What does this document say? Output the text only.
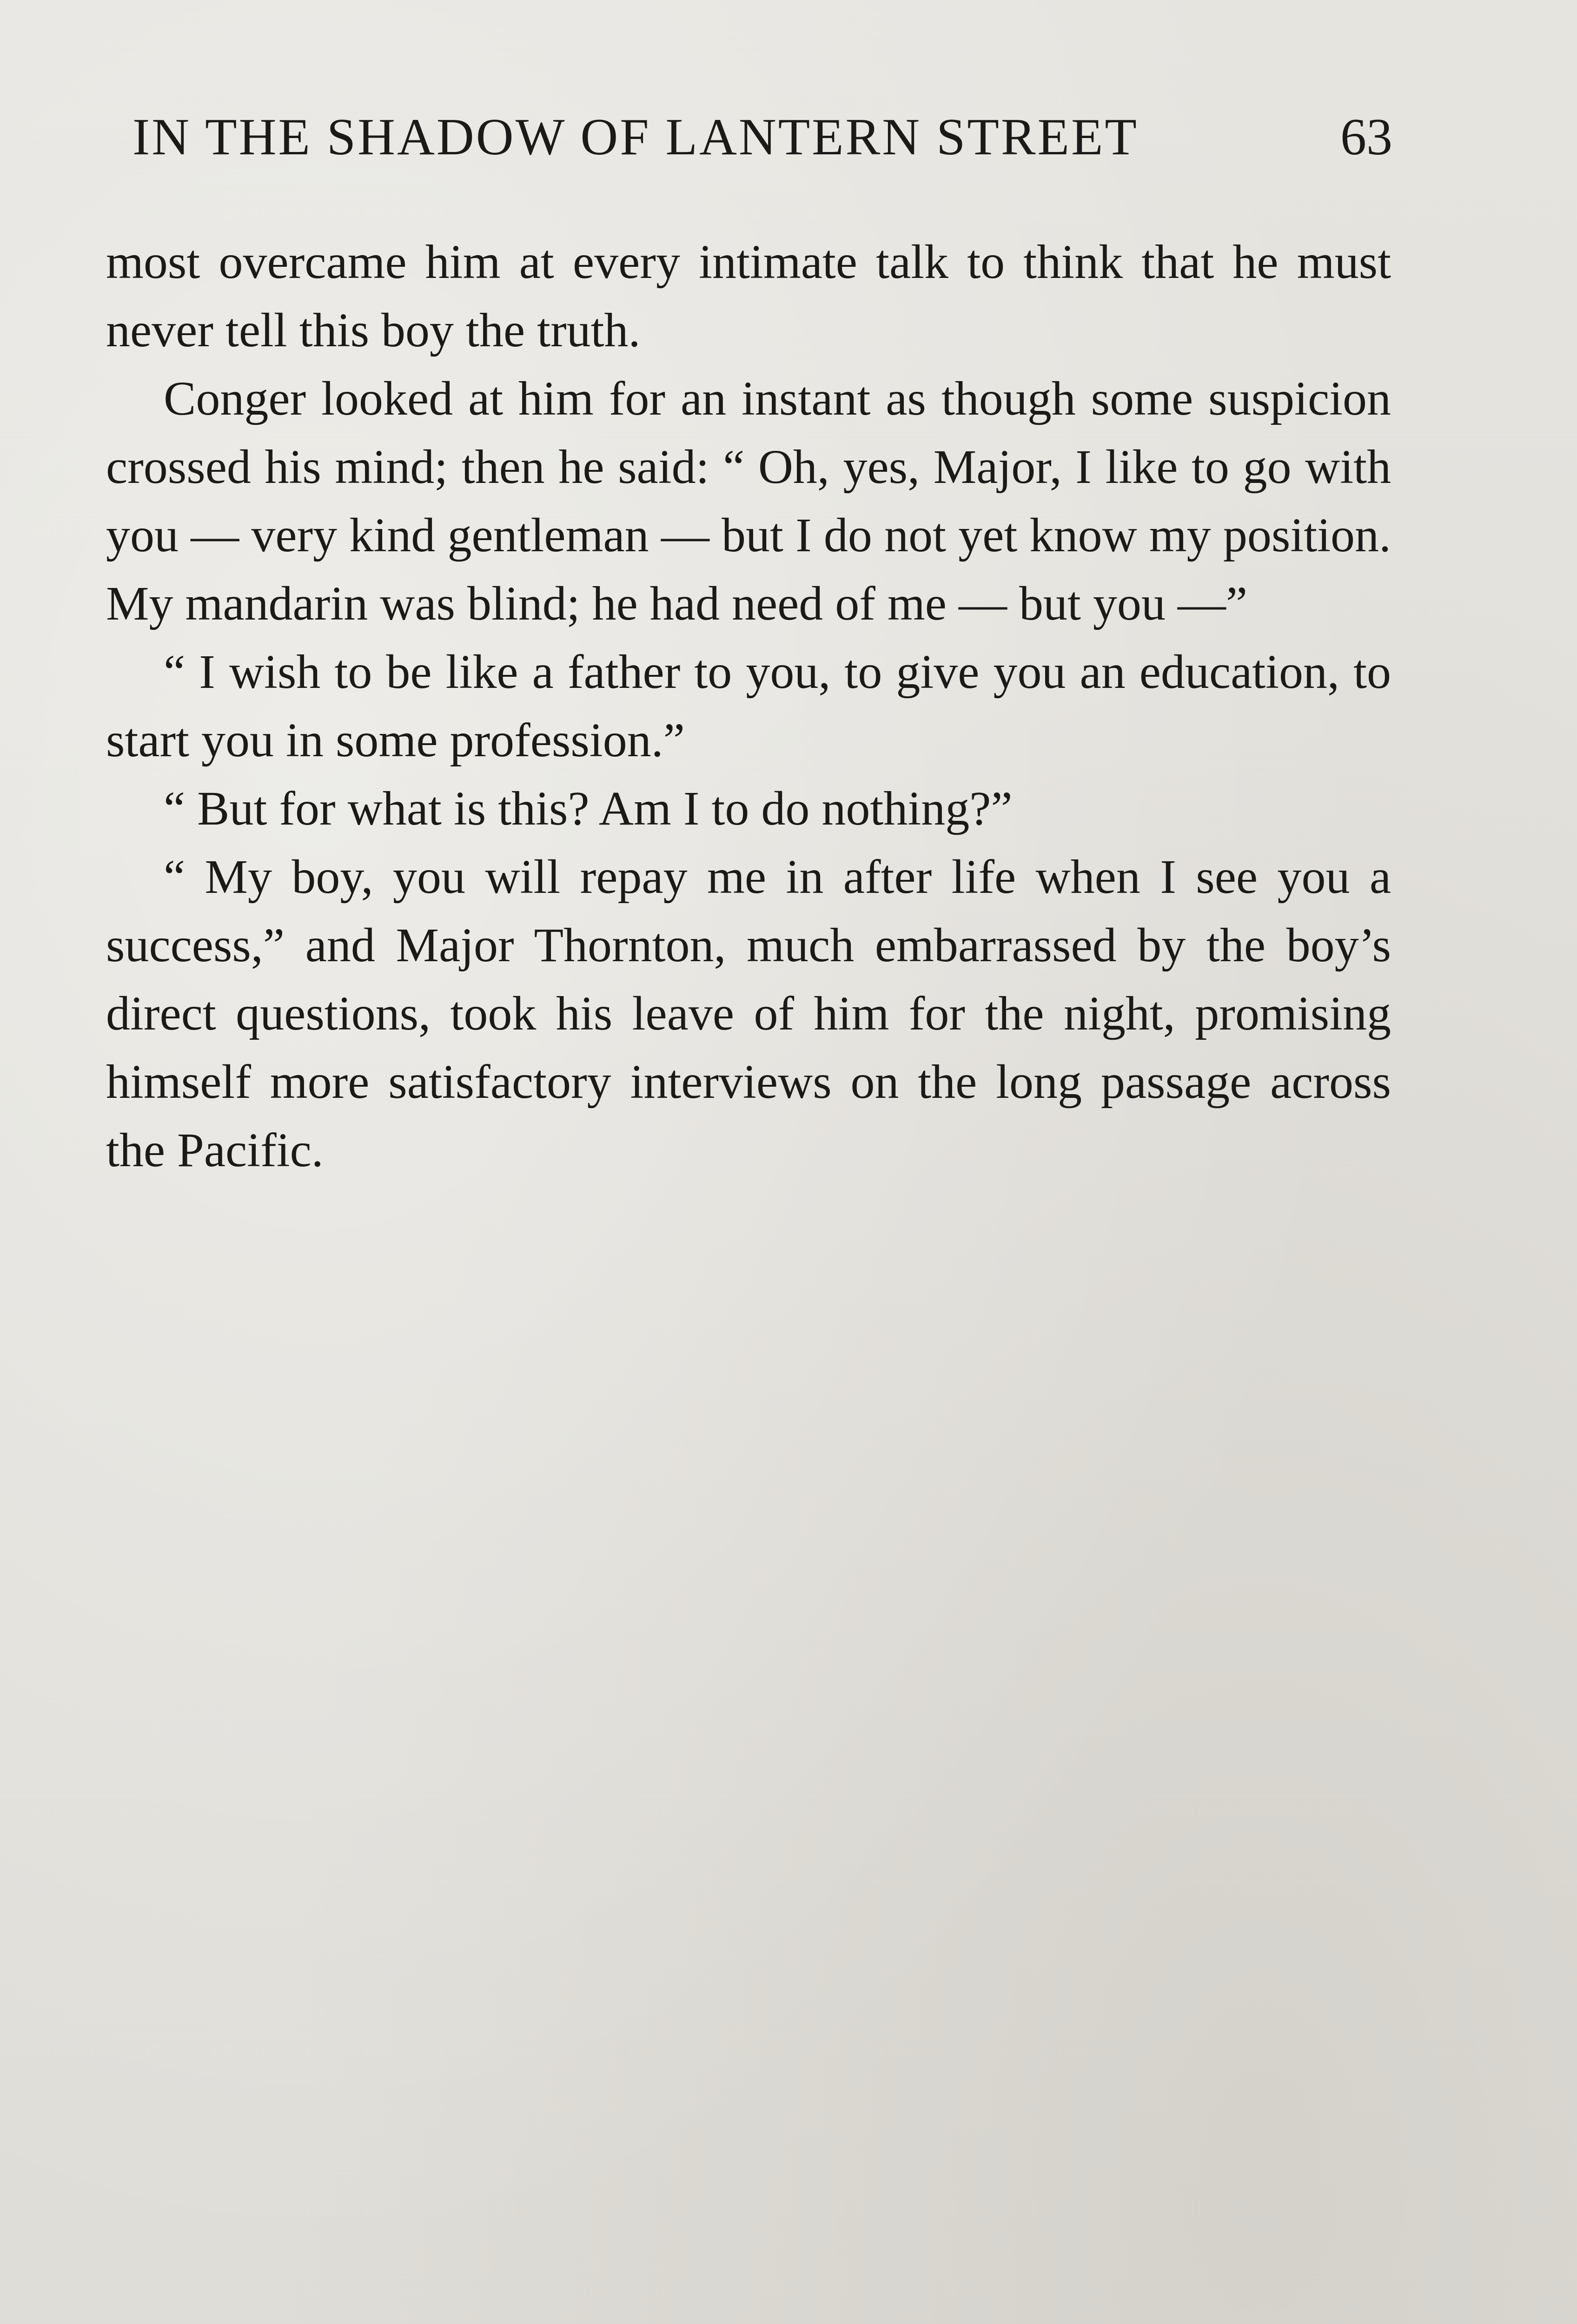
IN THE SHADOW OF LANTERN STREET	63

most overcame him at every intimate talk to think that he must never tell this boy the truth.

Conger looked at him for an instant as though some suspicion crossed his mind; then he said: “ Oh, yes, Major, I like to go with you — very kind gentleman — but I do not yet know my position. My mandarin was blind; he had need of me — but you —”

“ I wish to be like a father to you, to give you an education, to start you in some profession.”

“ But for what is this? Am I to do nothing?”

“ My boy, you will repay me in after life when I see you a success,” and Major Thornton, much embarrassed by the boy’s direct questions, took his leave of him for the night, promising himself more satisfactory interviews on the long passage across the Pacific.
